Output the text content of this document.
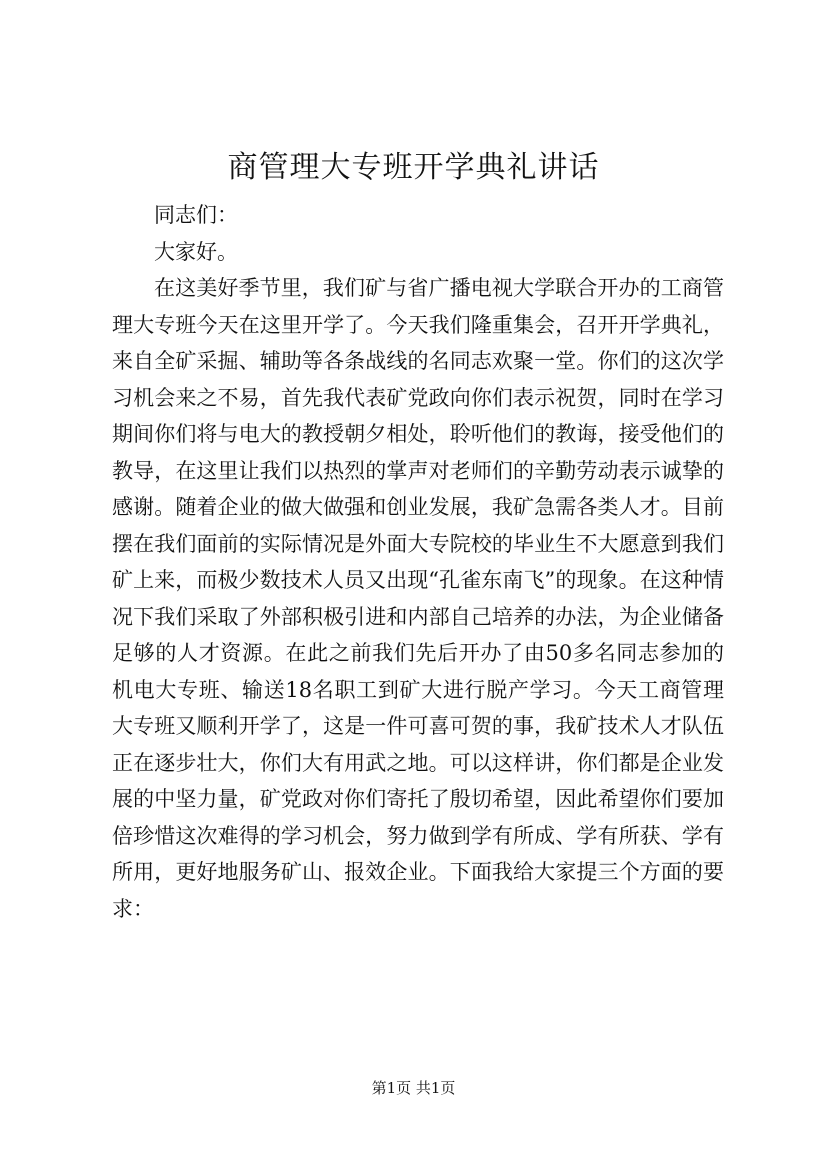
商管理大专班开学典礼讲话

同志们：

大家好。

在这美好季节里，我们矿与省广播电视大学联合开办的工商管理大专班今天在这里开学了。今天我们隆重集会，召开开学典礼，来自全矿采掘、辅助等各条战线的名同志欢聚一堂。你们的这次学习机会来之不易，首先我代表矿党政向你们表示祝贺，同时在学习期间你们将与电大的教授朝夕相处，聆听他们的教诲，接受他们的教导，在这里让我们以热烈的掌声对老师们的辛勤劳动表示诚挚的感谢。随着企业的做大做强和创业发展，我矿急需各类人才。目前摆在我们面前的实际情况是外面大专院校的毕业生不大愿意到我们矿上来，而极少数技术人员又出现“孔雀东南飞”的现象。在这种情况下我们采取了外部积极引进和内部自己培养的办法，为企业储备足够的人才资源。在此之前我们先后开办了由50多名同志参加的机电大专班、输送18名职工到矿大进行脱产学习。今天工商管理大专班又顺利开学了，这是一件可喜可贺的事，我矿技术人才队伍正在逐步壮大，你们大有用武之地。可以这样讲，你们都是企业发展的中坚力量，矿党政对你们寄托了殷切希望，因此希望你们要加倍珍惜这次难得的学习机会，努力做到学有所成、学有所获、学有所用，更好地服务矿山、报效企业。下面我给大家提三个方面的要求：

第1页 共1页
